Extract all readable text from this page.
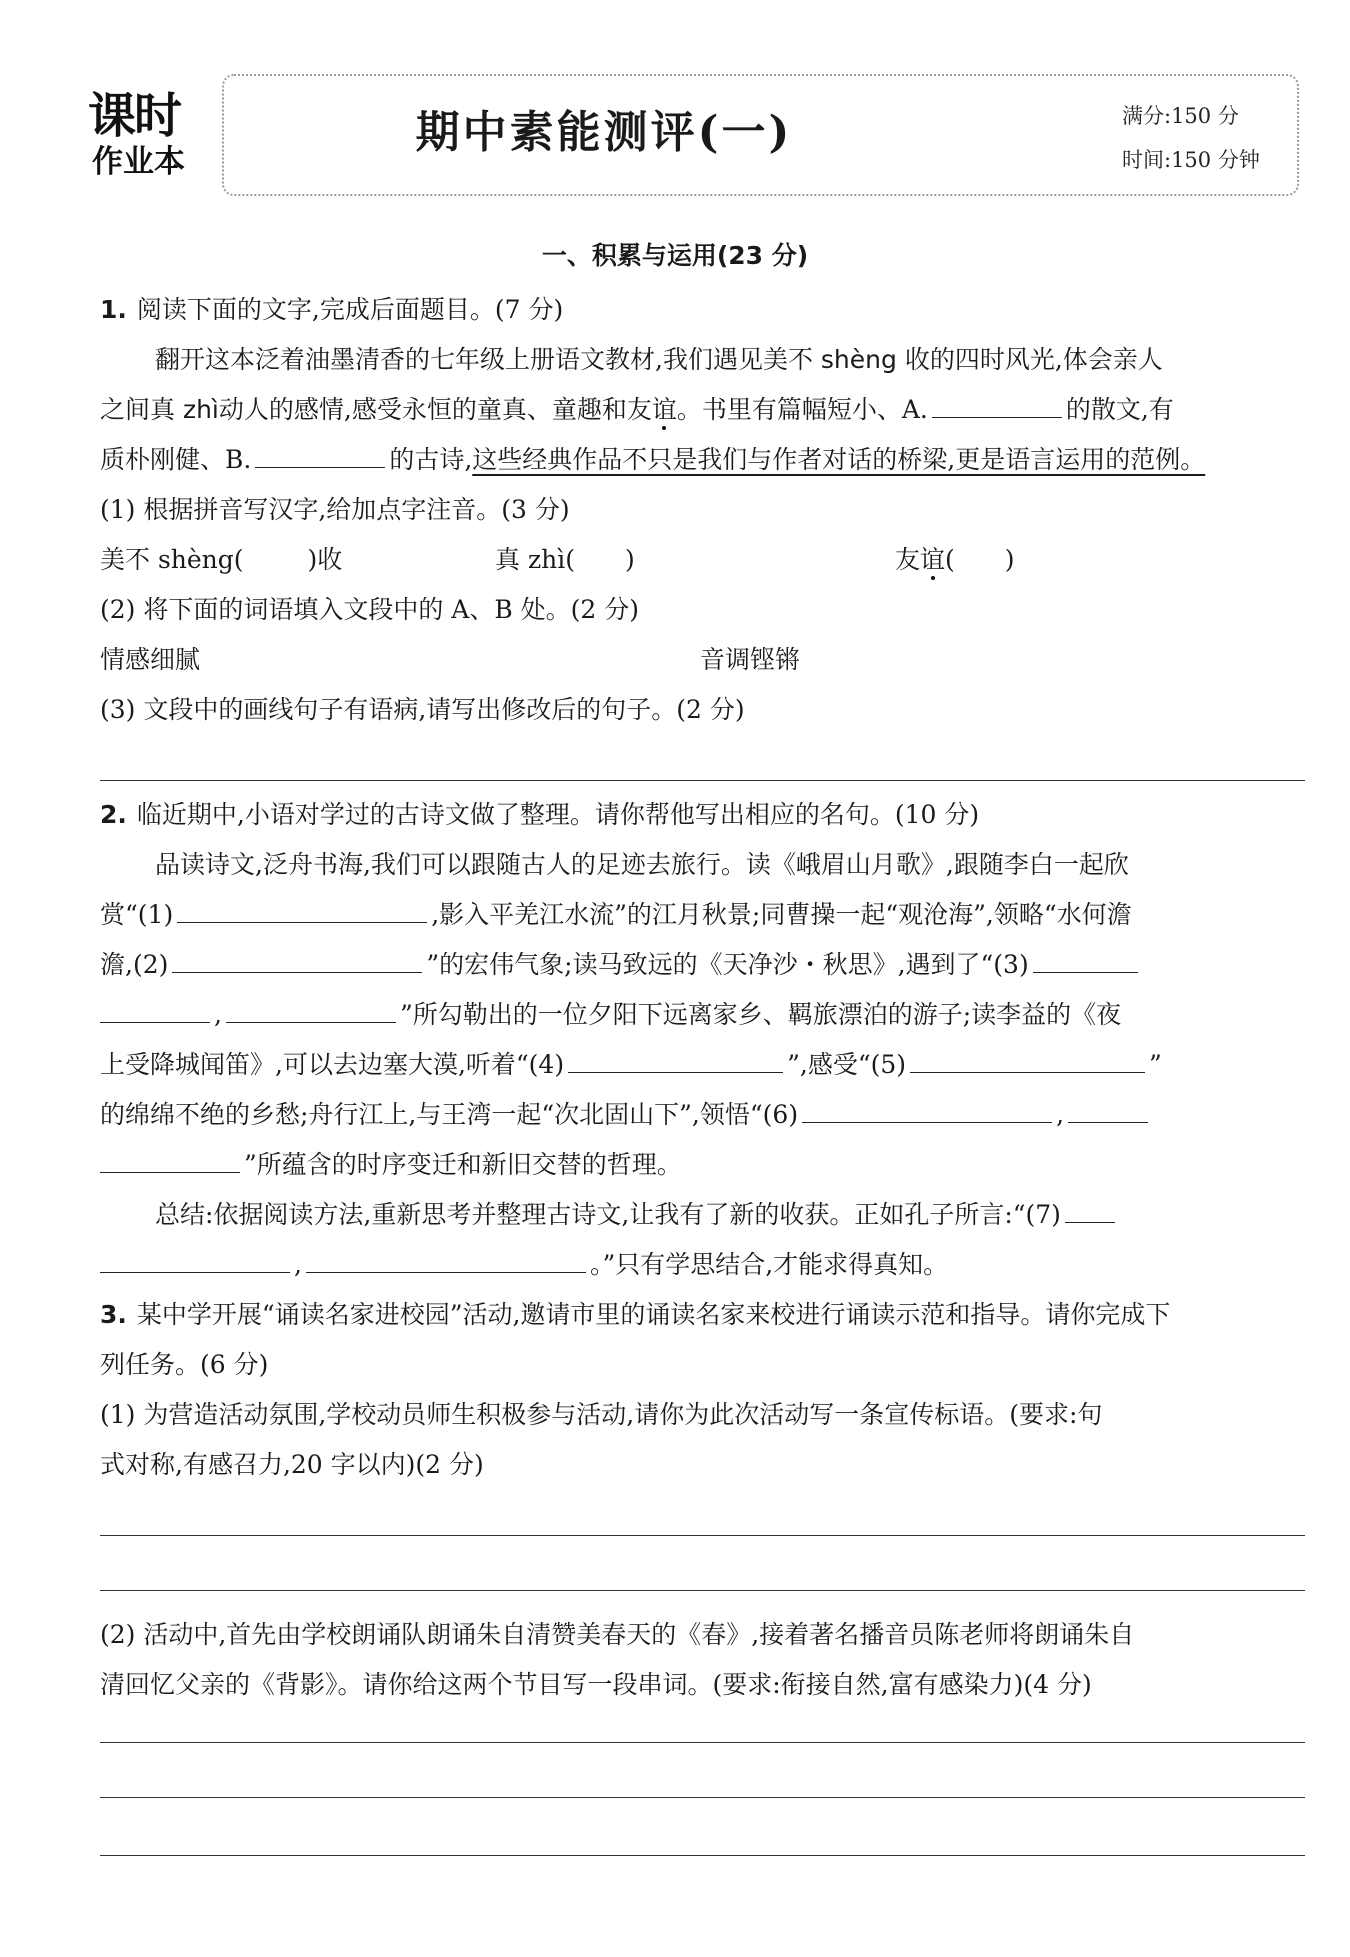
课时
作业本
期中素能测评(一)	满分:150 分
时间:150 分钟
一、积累与运用(23 分)
1. 阅读下面的文字,完成后面题目。(7 分)
翻开这本泛着油墨清香的七年级上册语文教材,我们遇见美不 shèng 收的四时风光,体会亲人
之间真 zhì动人的感情,感受永恒的童真、童趣和友谊。书里有篇幅短小、A.	的散文,有
质朴刚健、B.	的古诗,这些经典作品不只是我们与作者对话的桥梁,更是语言运用的范例。
(1) 根据拼音写汉字,给加点字注音。(3 分)
美不 shèng(	)收	真 zhì( )	友谊( )
(2) 将下面的词语填入文段中的 A、B 处。(2 分)
情感细腻	音调铿锵
(3) 文段中的画线句子有语病,请写出修改后的句子。(2 分)
2. 临近期中,小语对学过的古诗文做了整理。请你帮他写出相应的名句。(10 分)
品读诗文,泛舟书海,我们可以跟随古人的足迹去旅行。读《峨眉山月歌》,跟随李白一起欣
赏“(1)	,影入平羌江水流”的江月秋景;同曹操一起“观沧海”,领略“水何澹
澹,(2)	”的宏伟气象;读马致远的《天净沙・秋思》,遇到了“(3)
,	”所勾勒出的一位夕阳下远离家乡、羁旅漂泊的游子;读李益的《夜
上受降城闻笛》,可以去边塞大漠,听着“(4)	”,感受“(5)	”
的绵绵不绝的乡愁;舟行江上,与王湾一起“次北固山下”,领悟“(6)	,
”所蕴含的时序变迁和新旧交替的哲理。
总结:依据阅读方法,重新思考并整理古诗文,让我有了新的收获。正如孔子所言:“(7)
,	。”只有学思结合,才能求得真知。
3. 某中学开展“诵读名家进校园”活动,邀请市里的诵读名家来校进行诵读示范和指导。请你完成下
列任务。(6 分)
(1) 为营造活动氛围,学校动员师生积极参与活动,请你为此次活动写一条宣传标语。(要求:句
式对称,有感召力,20 字以内)(2 分)
(2) 活动中,首先由学校朗诵队朗诵朱自清赞美春天的《春》,接着著名播音员陈老师将朗诵朱自
清回忆父亲的《背影》。请你给这两个节目写一段串词。(要求:衔接自然,富有感染力)(4 分)
